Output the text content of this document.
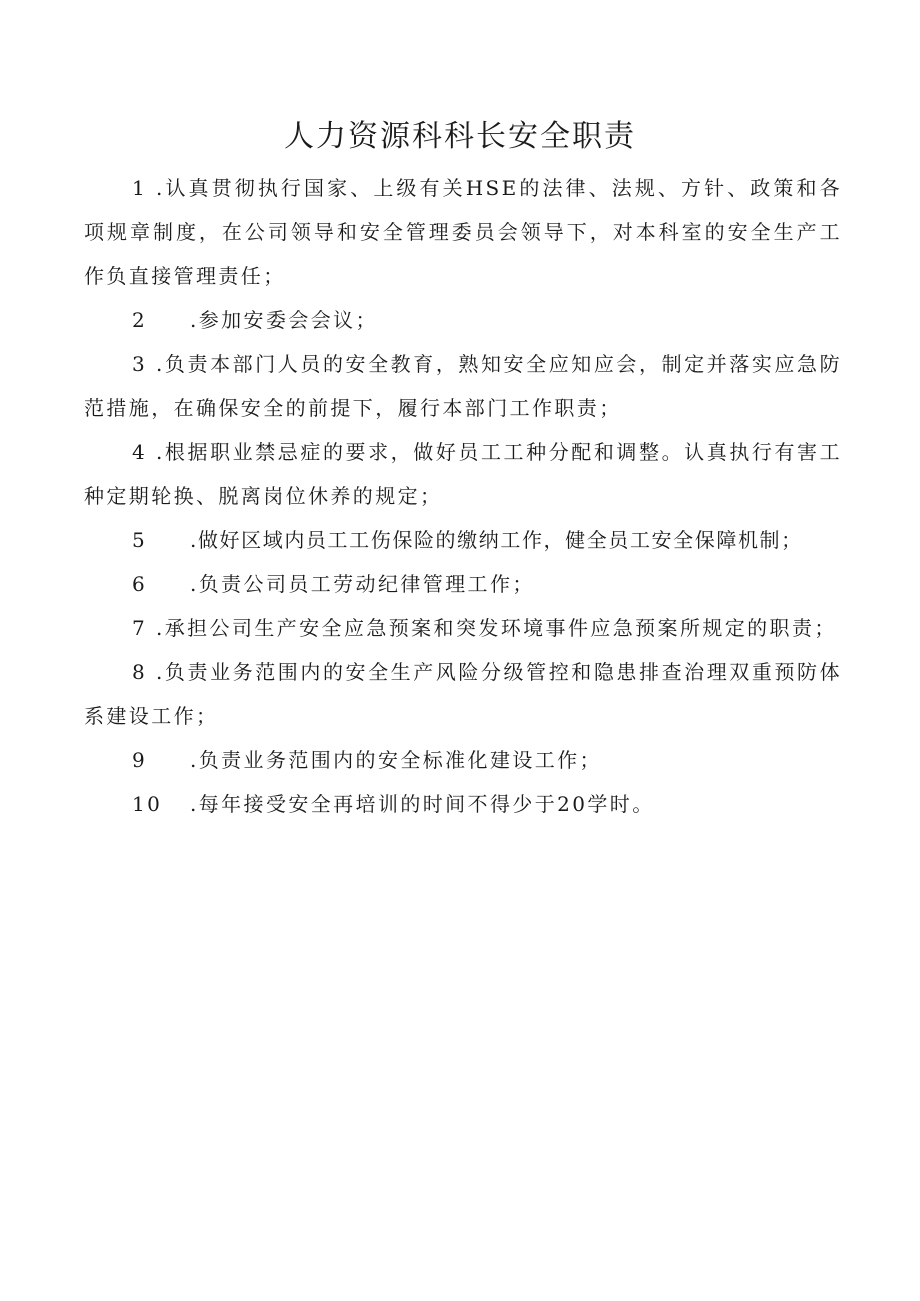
人力资源科科长安全职责
1 .认真贯彻执行国家、上级有关HSE的法律、法规、方针、政策和各项规章制度，在公司领导和安全管理委员会领导下，对本科室的安全生产工作负直接管理责任；
2 .参加安委会会议；
3 .负责本部门人员的安全教育，熟知安全应知应会，制定并落实应急防范措施，在确保安全的前提下，履行本部门工作职责；
4 .根据职业禁忌症的要求，做好员工工种分配和调整。认真执行有害工种定期轮换、脱离岗位休养的规定；
5 .做好区域内员工工伤保险的缴纳工作，健全员工安全保障机制；
6 .负责公司员工劳动纪律管理工作；
7 .承担公司生产安全应急预案和突发环境事件应急预案所规定的职责；
8 .负责业务范围内的安全生产风险分级管控和隐患排查治理双重预防体系建设工作；
9 .负责业务范围内的安全标准化建设工作；
10 .每年接受安全再培训的时间不得少于20学时。
